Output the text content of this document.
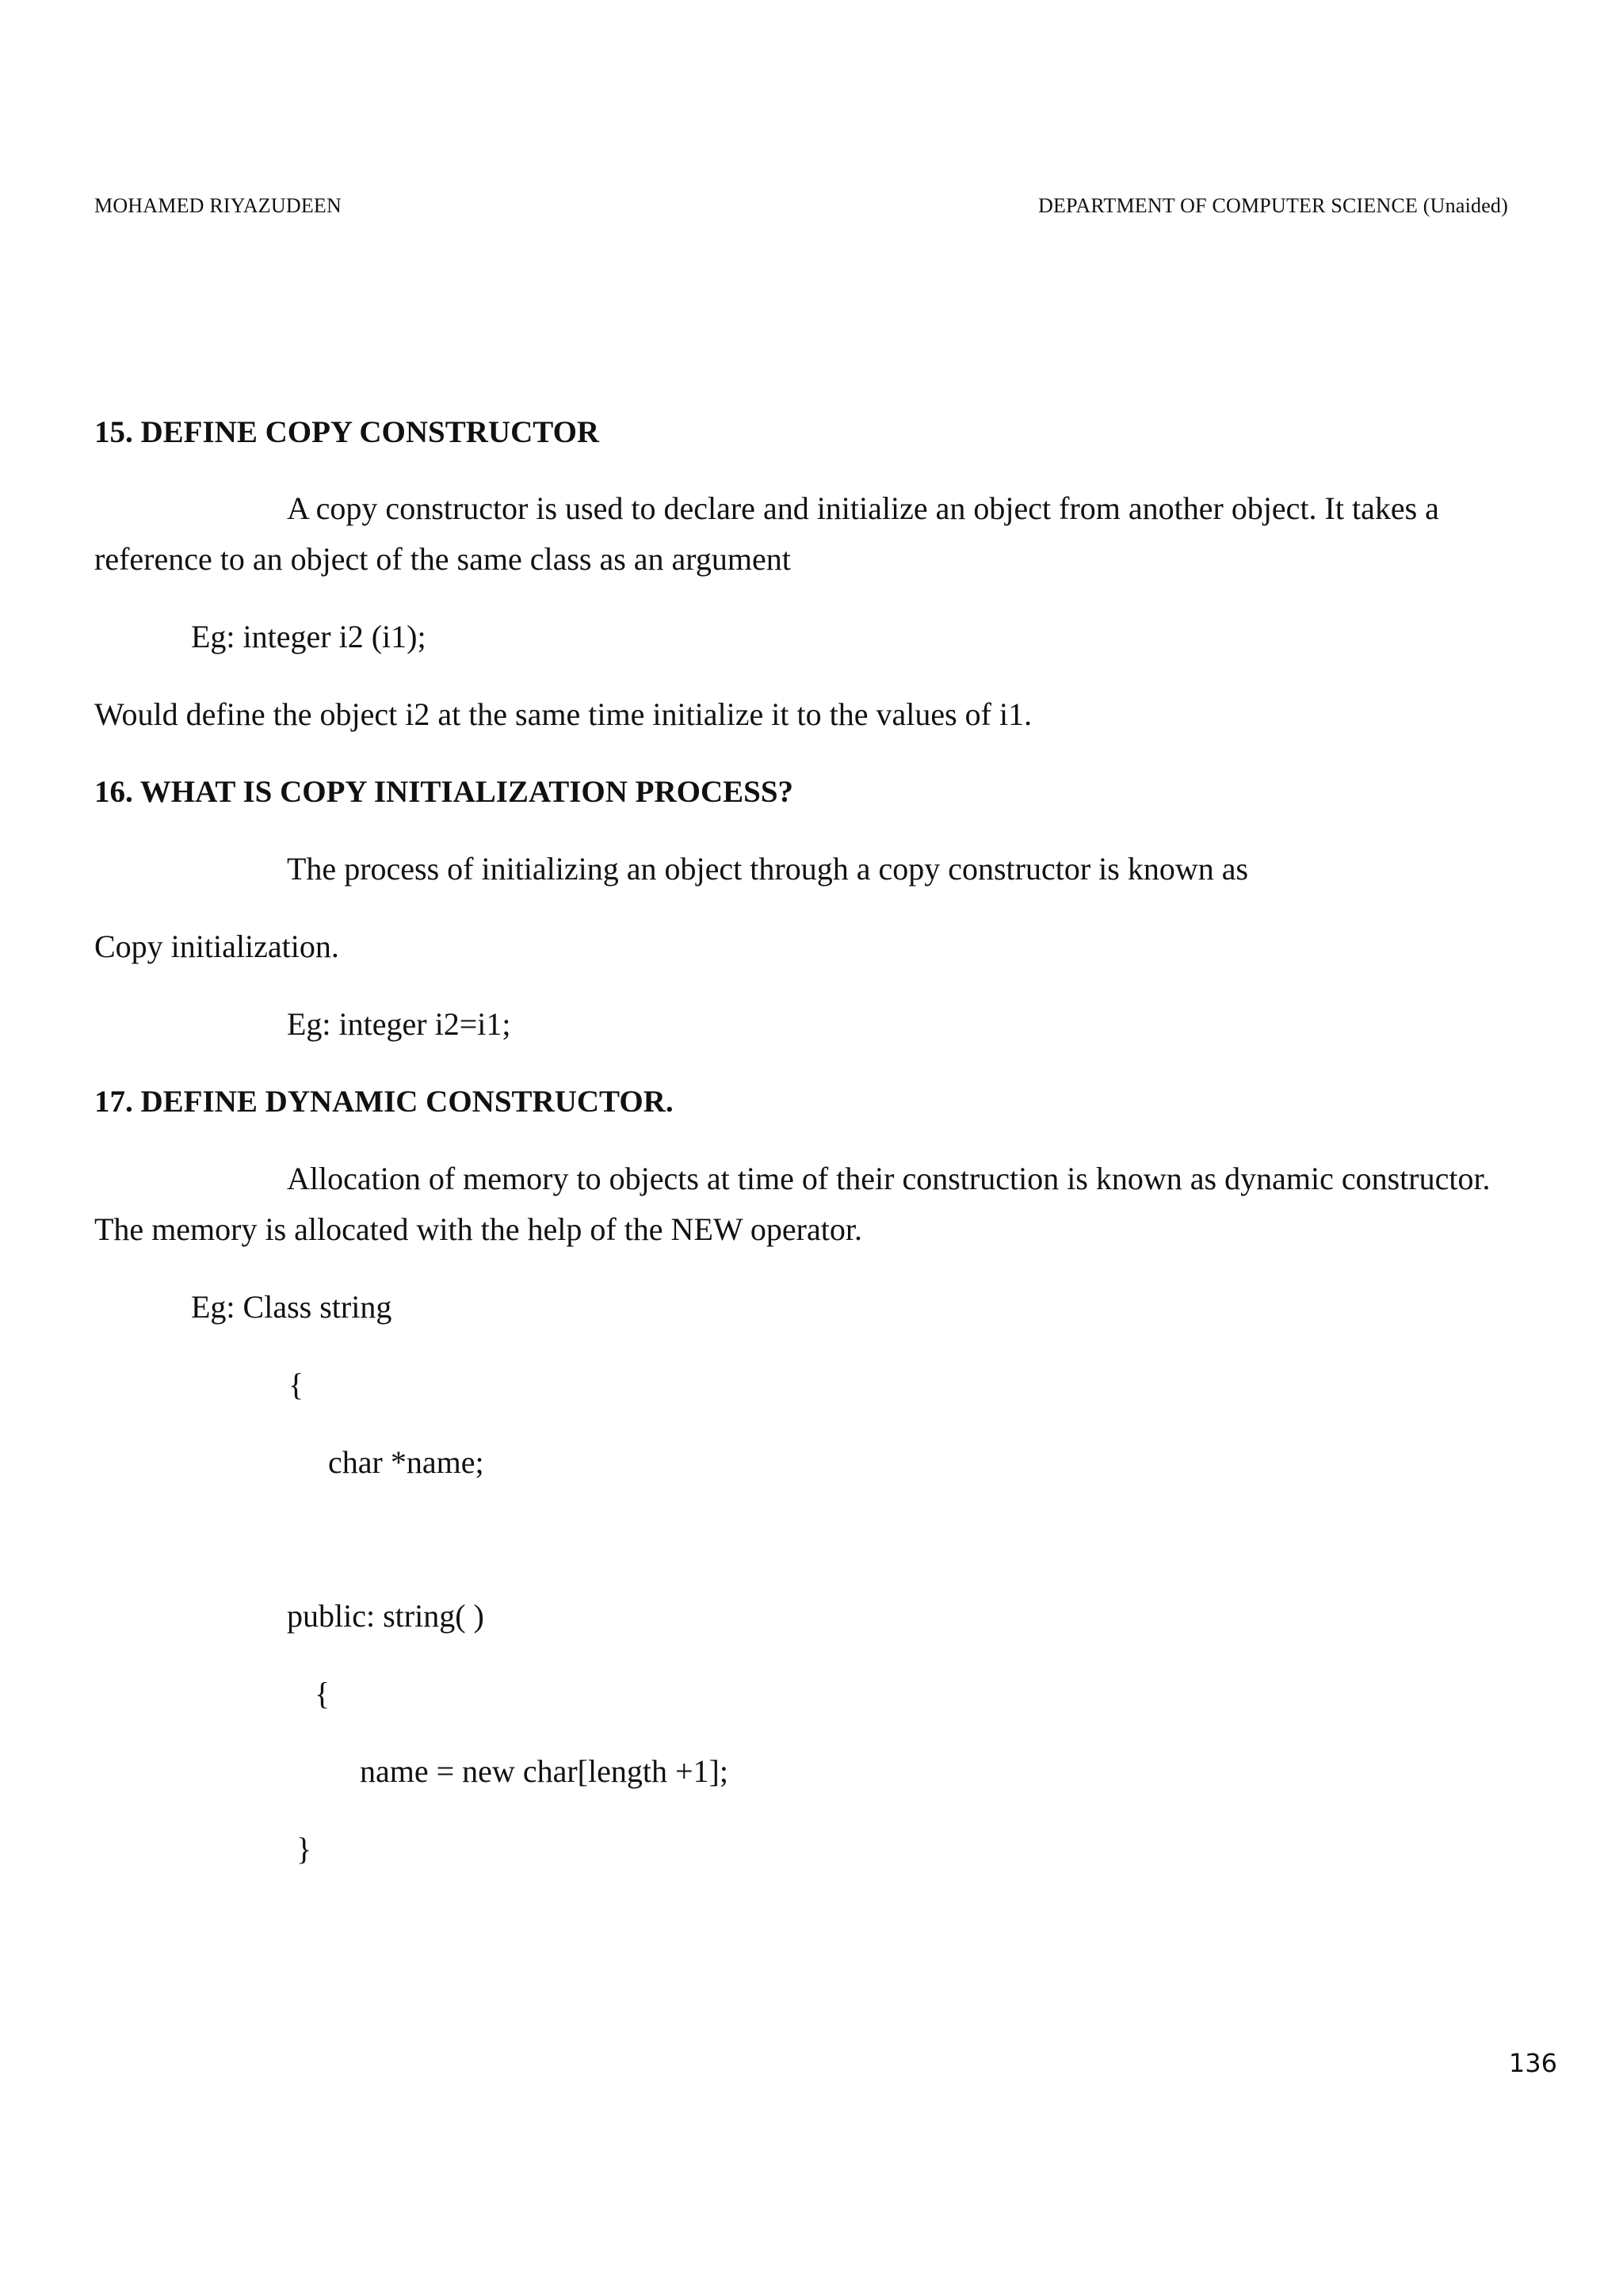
MOHAMED RIYAZUDEEN	DEPARTMENT OF COMPUTER SCIENCE (Unaided)
15. DEFINE COPY CONSTRUCTOR
A copy constructor is used to declare and initialize an object from another object. It takes a
reference to an object of the same class as an argument
Eg: integer i2 (i1);
Would define the object i2 at the same time initialize it to the values of i1.
16. WHAT IS COPY INITIALIZATION PROCESS?
The process of initializing an object through a copy constructor is known as
Copy initialization.
Eg: integer i2=i1;
17. DEFINE DYNAMIC CONSTRUCTOR.
Allocation of memory to objects at time of their construction is known as dynamic constructor.
The memory is allocated with the help of the NEW operator.
Eg: Class string
{
char *name;
public: string( )
{
name = new char[length +1];
}
136
